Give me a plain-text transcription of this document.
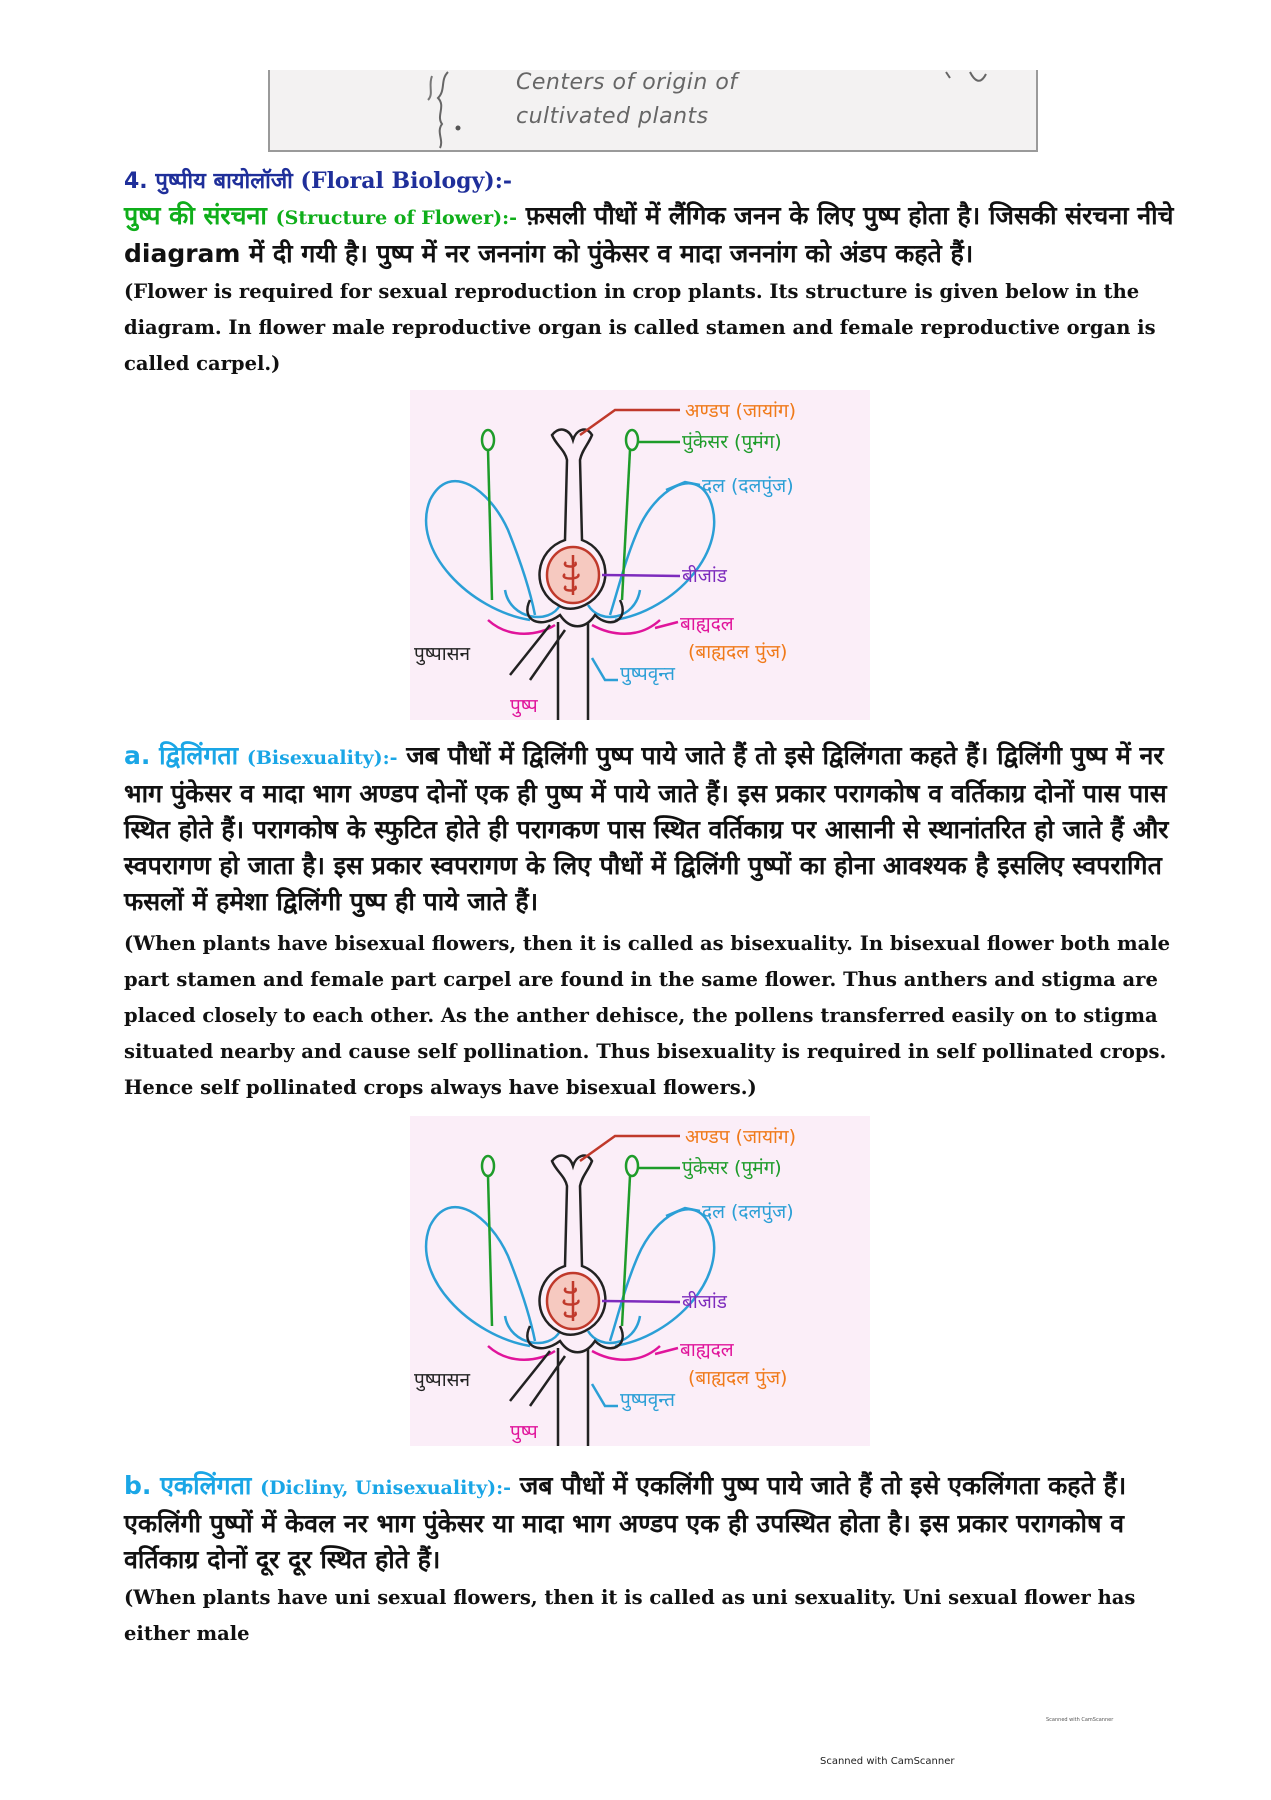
Centers of origin of
cultivated plants
4. पुष्पीय बायोलॉजी (Floral Biology):-
पुष्प की संरचना (Structure of Flower):- फ़सली पौधों में लैंगिक जनन के लिए पुष्प होता है। जिसकी संरचना नीचे diagram में दी गयी है। पुष्प में नर जननांग को पुंकेसर व मादा जननांग को अंडप कहते हैं।
(Flower is required for sexual reproduction in crop plants. Its structure is given below in the diagram. In flower male reproductive organ is called stamen and female reproductive organ is called carpel.)
अण्डप (जायांग)
पुंकेसर (पुमंग)
दल (दलपुंज)
बीजांड
बाह्यदल
(बाह्यदल पुंज)
पुष्पासन
पुष्पवृन्त
पुष्प
a. द्विलिंगता (Bisexuality):- जब पौधों में द्विलिंगी पुष्प पाये जाते हैं तो इसे द्विलिंगता कहते हैं। द्विलिंगी पुष्प में नर भाग पुंकेसर व मादा भाग अण्डप दोनों एक ही पुष्प में पाये जाते हैं। इस प्रकार परागकोष व वर्तिकाग्र दोनों पास पास स्थित होते हैं। परागकोष के स्फुटित होते ही परागकण पास स्थित वर्तिकाग्र पर आसानी से स्थानांतरित हो जाते हैं और स्वपरागण हो जाता है। इस प्रकार स्वपरागण के लिए पौधों में द्विलिंगी पुष्पों का होना आवश्यक है इसलिए स्वपरागित फसलों में हमेशा द्विलिंगी पुष्प ही पाये जाते हैं।
(When plants have bisexual flowers, then it is called as bisexuality. In bisexual flower both male part stamen and female part carpel are found in the same flower. Thus anthers and stigma are placed closely to each other. As the anther dehisce, the pollens transferred easily on to stigma situated nearby and cause self pollination. Thus bisexuality is required in self pollinated crops. Hence self pollinated crops always have bisexual flowers.)
अण्डप (जायांग)
पुंकेसर (पुमंग)
दल (दलपुंज)
बीजांड
बाह्यदल
(बाह्यदल पुंज)
पुष्पासन
पुष्पवृन्त
पुष्प
b. एकलिंगता (Dicliny, Unisexuality):- जब पौधों में एकलिंगी पुष्प पाये जाते हैं तो इसे एकलिंगता कहते हैं। एकलिंगी पुष्पों में केवल नर भाग पुंकेसर या मादा भाग अण्डप एक ही उपस्थित होता है। इस प्रकार परागकोष व वर्तिकाग्र दोनों दूर दूर स्थित होते हैं।
(When plants have uni sexual flowers, then it is called as uni sexuality. Uni sexual flower has either male
Scanned with CamScanner
Scanned with CamScanner
